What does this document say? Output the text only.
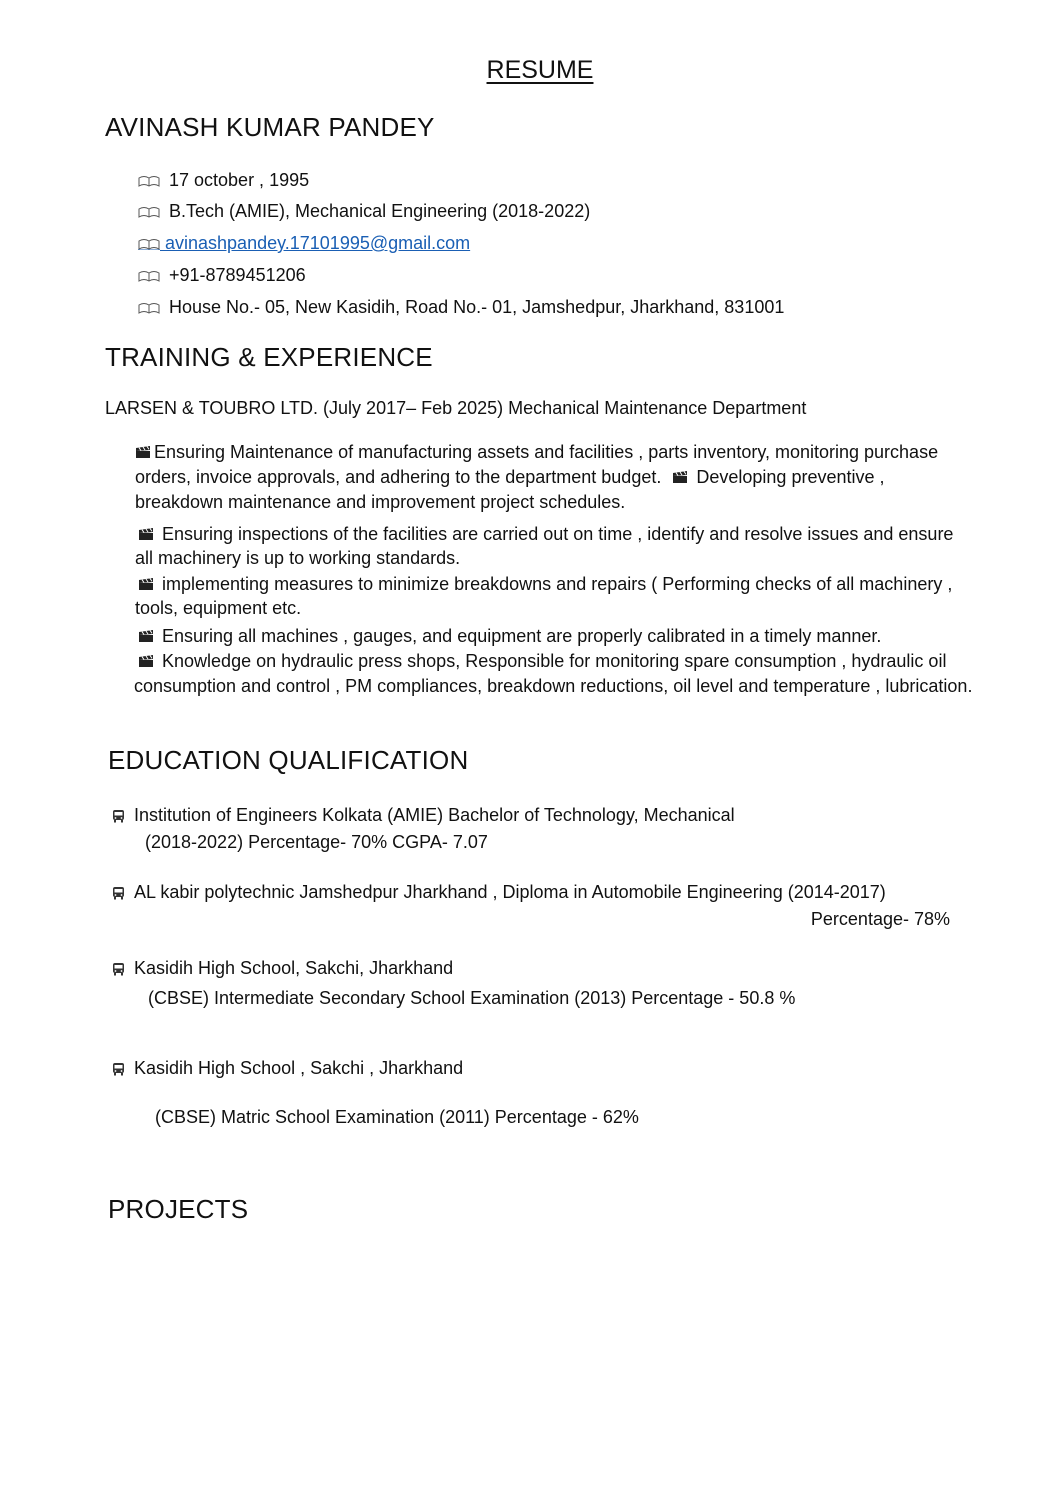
RESUME
AVINASH KUMAR PANDEY
17 october , 1995
B.Tech (AMIE), Mechanical Engineering (2018-2022)
avinashpandey.17101995@gmail.com
+91-8789451206
House No.- 05, New Kasidih, Road No.- 01, Jamshedpur, Jharkhand, 831001
TRAINING & EXPERIENCE
LARSEN & TOUBRO LTD. (July 2017– Feb 2025) Mechanical Maintenance Department
Ensuring Maintenance of manufacturing assets and facilities , parts inventory, monitoring purchase orders, invoice approvals, and adhering to the department budget. Developing preventive , breakdown maintenance and improvement project schedules.
Ensuring inspections of the facilities are carried out on time , identify and resolve issues and ensure all machinery is up to working standards.
implementing measures to minimize breakdowns and repairs ( Performing checks of all machinery , tools, equipment etc.
Ensuring all machines , gauges, and equipment are properly calibrated in a timely manner.
Knowledge on hydraulic press shops, Responsible for monitoring spare consumption , hydraulic oil consumption and control , PM compliances, breakdown reductions, oil level and temperature , lubrication.
EDUCATION QUALIFICATION
Institution of Engineers Kolkata (AMIE) Bachelor of Technology, Mechanical
(2018-2022) Percentage- 70% CGPA- 7.07
AL kabir polytechnic Jamshedpur Jharkhand , Diploma in Automobile Engineering (2014-2017)
Percentage- 78%
Kasidih High School, Sakchi, Jharkhand
(CBSE) Intermediate Secondary School Examination (2013) Percentage - 50.8 %
Kasidih High School , Sakchi , Jharkhand
(CBSE) Matric School Examination (2011) Percentage - 62%
PROJECTS
